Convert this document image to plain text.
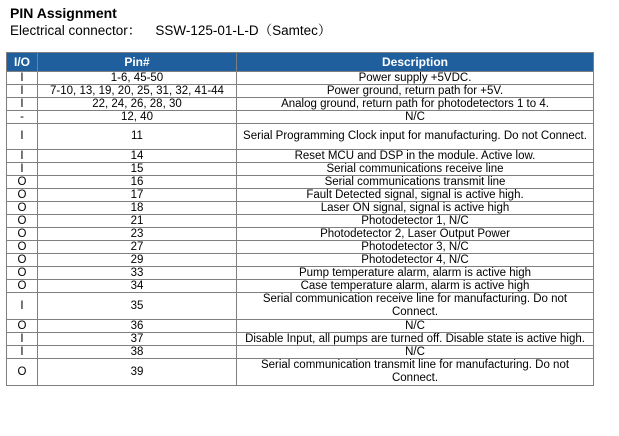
PIN Assignment
Electrical connector： SSW-125-01-L-D（Samtec）
I/O	Pin#	Description
I	1-6, 45-50	Power supply +5VDC.
I	7-10, 13, 19, 20, 25, 31, 32, 41-44	Power ground, return path for +5V.
I	22, 24, 26, 28, 30	Analog ground, return path for photodetectors 1 to 4.
-	12, 40	N/C
I	11	Serial Programming Clock input for manufacturing. Do not Connect.
I	14	Reset MCU and DSP in the module. Active low.
I	15	Serial communications receive line
O	16	Serial communications transmit line
O	17	Fault Detected signal, signal is active high.
O	18	Laser ON signal, signal is active high
O	21	Photodetector 1, N/C
O	23	Photodetector 2, Laser Output Power
O	27	Photodetector 3, N/C
O	29	Photodetector 4, N/C
O	33	Pump temperature alarm, alarm is active high
O	34	Case temperature alarm, alarm is active high
I	35	Serial communication receive line for manufacturing. Do not Connect.
O	36	N/C
I	37	Disable Input, all pumps are turned off. Disable state is active high.
I	38	N/C
O	39	Serial communication transmit line for manufacturing. Do not Connect.
